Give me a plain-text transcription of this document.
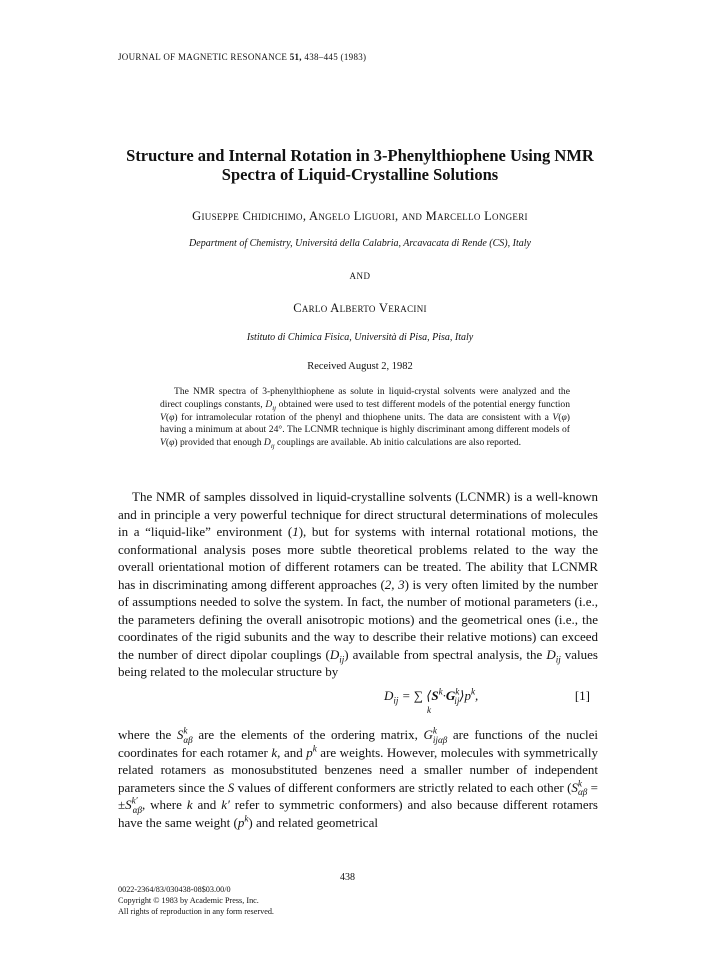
JOURNAL OF MAGNETIC RESONANCE 51, 438–445 (1983)
Structure and Internal Rotation in 3-Phenylthiophene Using NMR
Spectra of Liquid-Crystalline Solutions
Giuseppe Chidichimo, Angelo Liguori, and Marcello Longeri
Department of Chemistry, Universitá della Calabria, Arcavacata di Rende (CS), Italy
AND
Carlo Alberto Veracini
Istituto di Chimica Fisica, Università di Pisa, Pisa, Italy
Received August 2, 1982
The NMR spectra of 3-phenylthiophene as solute in liquid-crystal solvents were analyzed and the direct couplings constants, $D_{ij}$ obtained were used to test different models of the potential energy function V(φ) for intramolecular rotation of the phenyl and thiophene units. The data are consistent with a V(φ) having a minimum at about 24°. The LCNMR technique is highly discriminant among different models of V(φ) provided that enough $D_{ij}$ couplings are available. Ab initio calculations are also reported.

The NMR of samples dissolved in liquid-crystalline solvents (LCNMR) is a well-known and in principle a very powerful technique for direct structural determinations of molecules in a “liquid-like” environment (1), but for systems with internal rotational motions, the conformational analysis poses more subtle theoretical problems related to the way the overall orientational motion of different rotamers can be treated. The ability that LCNMR has in discriminating among different approaches (2, 3) is very often limited by the number of assumptions needed to solve the system. In fact, the number of motional parameters (i.e., the parameters defining the overall anisotropic motions) and the geometrical ones (i.e., the coordinates of the rigid subunits and the way to describe their relative motions) can exceed the number of direct dipolar couplings $(D_{ij})$ available from spectral analysis, the $D_{ij}$ values being related to the molecular structure by

$D_{ij}$ = ∑ $⟨S^k\cdot G^k_{ij}⟩p^k$,
k
[1]

where the $S^k_{\alpha\beta}$ are the elements of the ordering matrix, $G^k_{ij\alpha\beta}$ are functions of the nuclei coordinates for each rotamer k, and $p^k$ are weights. However, molecules with symmetrically related rotamers as monosubstituted benzenes need a smaller number of independent parameters since the S values of different conformers are strictly related to each other ($S^k_{\alpha\beta} = \pm S^{k'}_{\alpha\beta}$, where k and k′ refer to symmetric conformers) and also because different rotamers have the same weight $(p^k)$ and related geometrical

438
0022-2364/83/030438-08$03.00/0
Copyright © 1983 by Academic Press, Inc.
All rights of reproduction in any form reserved.
